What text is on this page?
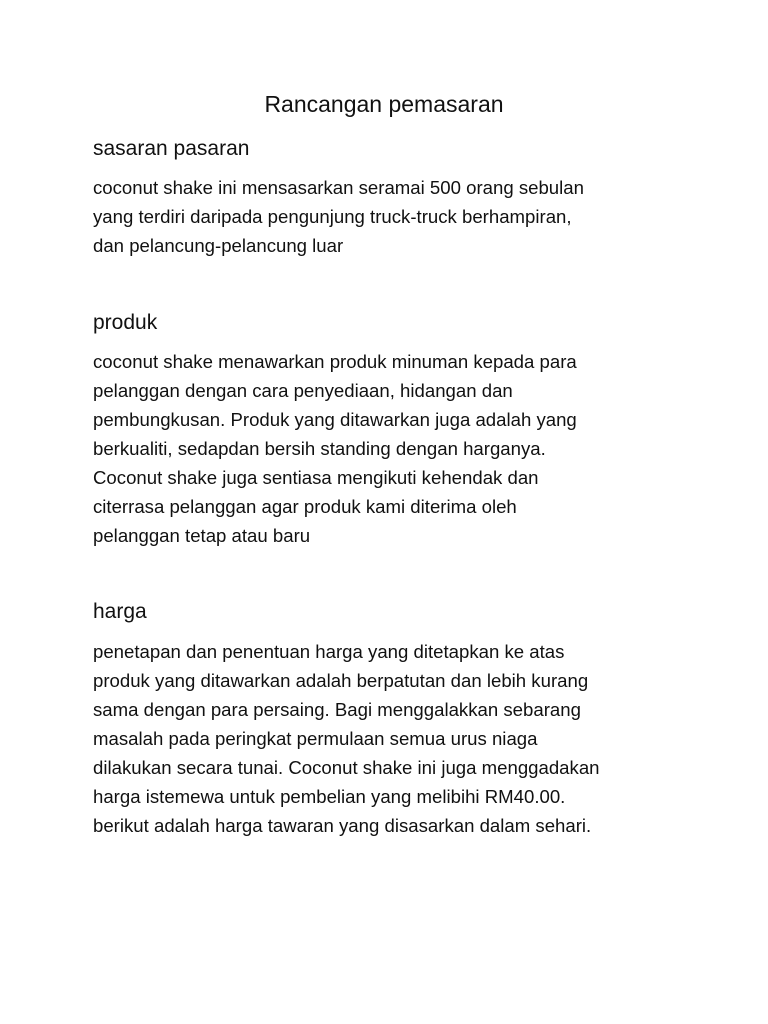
Rancangan pemasaran
sasaran pasaran
coconut shake ini mensasarkan seramai 500 orang sebulan
yang terdiri daripada pengunjung truck-truck berhampiran,
dan pelancung-pelancung luar
produk
coconut shake menawarkan produk minuman kepada para
pelanggan dengan cara penyediaan, hidangan dan
pembungkusan. Produk yang ditawarkan juga adalah yang
berkualiti, sedapdan bersih standing dengan harganya.
Coconut shake juga sentiasa mengikuti kehendak dan
citerrasa pelanggan agar produk kami diterima oleh
pelanggan tetap atau baru
harga
penetapan dan penentuan harga yang ditetapkan ke atas
produk yang ditawarkan adalah berpatutan dan lebih kurang
sama dengan para persaing. Bagi menggalakkan sebarang
masalah pada peringkat permulaan semua urus niaga
dilakukan secara tunai. Coconut shake ini juga menggadakan
harga istemewa untuk pembelian yang melibihi RM40.00.
berikut adalah harga tawaran yang disasarkan dalam sehari.
